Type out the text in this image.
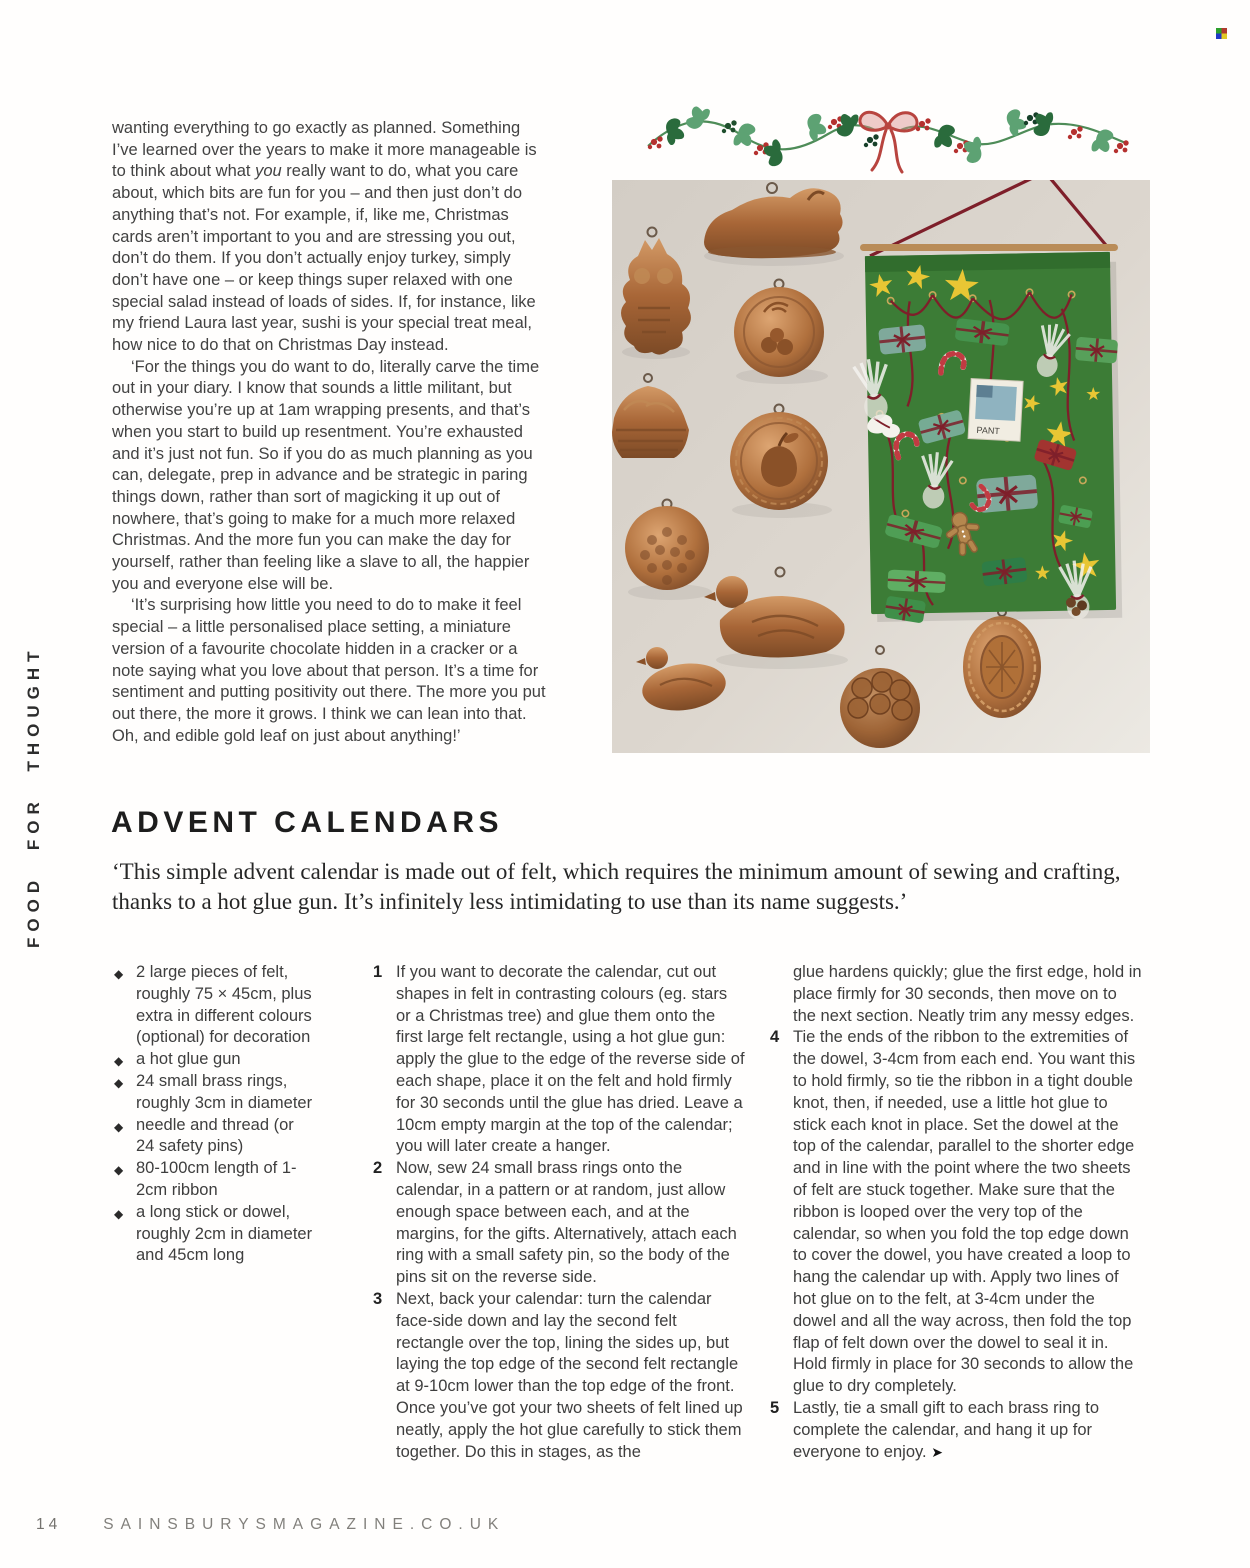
FOOD FOR THOUGHT

wanting everything to go exactly as planned. Something I’ve learned over the years to make it more manageable is to think about what you really want to do, what you care about, which bits are fun for you – and then just don’t do anything that’s not. For example, if, like me, Christmas cards aren’t important to you and are stressing you out, don’t do them. If you don’t actually enjoy turkey, simply don’t have one – or keep things super relaxed with one special salad instead of loads of sides. If, for instance, like my friend Laura last year, sushi is your special treat meal, how nice to do that on Christmas Day instead.

‘For the things you do want to do, literally carve the time out in your diary. I know that sounds a little militant, but otherwise you’re up at 1am wrapping presents, and that’s when you start to build up resentment. You’re exhausted and it’s just not fun. So if you do as much planning as you can, delegate, prep in advance and be strategic in paring things down, rather than sort of magicking it up out of nowhere, that’s going to make for a much more relaxed Christmas. And the more fun you can make the day for yourself, rather than feeling like a slave to all, the happier you and everyone else will be.

‘It’s surprising how little you need to do to make it feel special – a little personalised place setting, a miniature version of a favourite chocolate hidden in a cracker or a note saying what you love about that person. It’s a time for sentiment and putting positivity out there. The more you put out there, the more it grows. I think we can lean into that. Oh, and edible gold leaf on just about anything!’

PANT
ADVENT CALENDARS

‘This simple advent calendar is made out of felt, which requires the minimum amount of sewing and crafting, thanks to a hot glue gun. It’s infinitely less intimidating to use than its name suggests.’

◆ 2 large pieces of felt, roughly 75 × 45cm, plus extra in different colours (optional) for decoration
◆ a hot glue gun
◆ 24 small brass rings, roughly 3cm in diameter
◆ needle and thread (or 24 safety pins)
◆ 80-100cm length of 1-2cm ribbon
◆ a long stick or dowel, roughly 2cm in diameter and 45cm long
1 If you want to decorate the calendar, cut out shapes in felt in contrasting colours (eg. stars or a Christmas tree) and glue them onto the first large felt rectangle, using a hot glue gun: apply the glue to the edge of the reverse side of each shape, place it on the felt and hold firmly for 30 seconds until the glue has dried. Leave a 10cm empty margin at the top of the calendar; you will later create a hanger.
2 Now, sew 24 small brass rings onto the calendar, in a pattern or at random, just allow enough space between each, and at the margins, for the gifts. Alternatively, attach each ring with a small safety pin, so the body of the pins sit on the reverse side.
3 Next, back your calendar: turn the calendar face-side down and lay the second felt rectangle over the top, lining the sides up, but laying the top edge of the second felt rectangle at 9-10cm lower than the top edge of the front. Once you’ve got your two sheets of felt lined up neatly, apply the hot glue carefully to stick them together. Do this in stages, as the
glue hardens quickly; glue the first edge, hold in place firmly for 30 seconds, then move on to the next section. Neatly trim any messy edges.
4 Tie the ends of the ribbon to the extremities of the dowel, 3-4cm from each end. You want this to hold firmly, so tie the ribbon in a tight double knot, then, if needed, use a little hot glue to stick each knot in place. Set the dowel at the top of the calendar, parallel to the shorter edge and in line with the point where the two sheets of felt are stuck together. Make sure that the ribbon is looped over the very top of the calendar, so when you fold the top edge down to cover the dowel, you have created a loop to hang the calendar up with. Apply two lines of hot glue on to the felt, at 3-4cm under the dowel and all the way across, then fold the top flap of felt down over the dowel to seal it in. Hold firmly in place for 30 seconds to allow the glue to dry completely.
5 Lastly, tie a small gift to each brass ring to complete the calendar, and hang it up for everyone to enjoy. ➤
14	SAINSBURYSMAGAZINE.CO.UK
